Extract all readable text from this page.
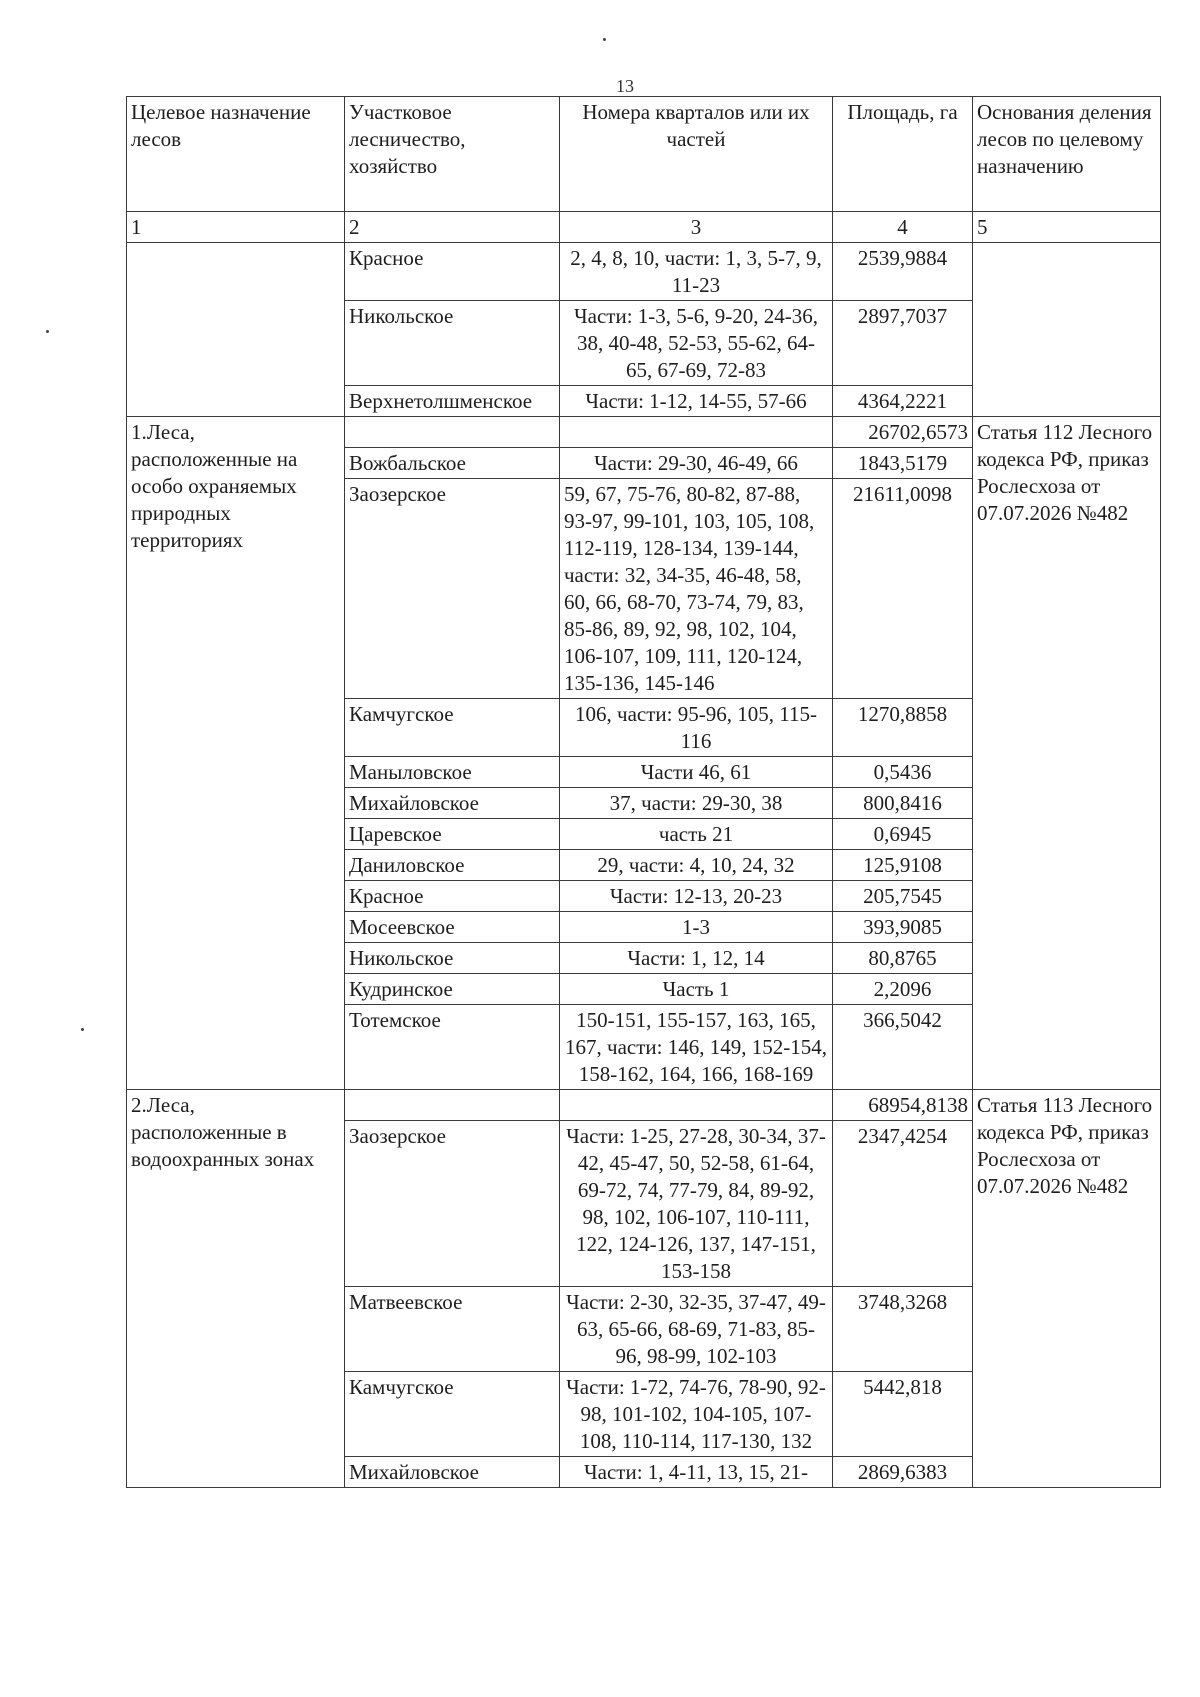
13
Целевое назначение лесов	Участковое лесничество, хозяйство	Номера кварталов или их частей	Площадь, га	Основания деления лесов по целевому назначению
1	2	3	4	5
	Красное	2, 4, 8, 10, части: 1, 3, 5-7, 9, 11-23	2539,9884	
	Никольское	Части: 1-3, 5-6, 9-20, 24-36, 38, 40-48, 52-53, 55-62, 64-65, 67-69, 72-83	2897,7037	
	Верхнетолшменское	Части: 1-12, 14-55, 57-66	4364,2221	
1.Леса, расположенные на особо охраняемых природных территориях			26702,6573	Статья 112 Лесного кодекса РФ, приказ Рослесхоза от 07.07.2026 №482
	Вожбальское	Части: 29-30, 46-49, 66	1843,5179	
	Заозерское	59, 67, 75-76, 80-82, 87-88, 93-97, 99-101, 103, 105, 108, 112-119, 128-134, 139-144, части: 32, 34-35, 46-48, 58, 60, 66, 68-70, 73-74, 79, 83, 85-86, 89, 92, 98, 102, 104, 106-107, 109, 111, 120-124, 135-136, 145-146	21611,0098	
	Камчугское	106, части: 95-96, 105, 115-116	1270,8858	
	Маныловское	Части 46, 61	0,5436	
	Михайловское	37, части: 29-30, 38	800,8416	
	Царевское	часть 21	0,6945	
	Даниловское	29, части: 4, 10, 24, 32	125,9108	
	Красное	Части: 12-13, 20-23	205,7545	
	Мосеевское	1-3	393,9085	
	Никольское	Части: 1, 12, 14	80,8765	
	Кудринское	Часть 1	2,2096	
	Тотемское	150-151, 155-157, 163, 165, 167, части: 146, 149, 152-154, 158-162, 164, 166, 168-169	366,5042	
2.Леса, расположенные в водоохранных зонах			68954,8138	Статья 113 Лесного кодекса РФ, приказ Рослесхоза от 07.07.2026 №482
	Заозерское	Части: 1-25, 27-28, 30-34, 37-42, 45-47, 50, 52-58, 61-64, 69-72, 74, 77-79, 84, 89-92, 98, 102, 106-107, 110-111, 122, 124-126, 137, 147-151, 153-158	2347,4254	
	Матвеевское	Части: 2-30, 32-35, 37-47, 49-63, 65-66, 68-69, 71-83, 85-96, 98-99, 102-103	3748,3268	
	Камчугское	Части: 1-72, 74-76, 78-90, 92-98, 101-102, 104-105, 107-108, 110-114, 117-130, 132	5442,818	
	Михайловское	Части: 1, 4-11, 13, 15, 21-	2869,6383	
